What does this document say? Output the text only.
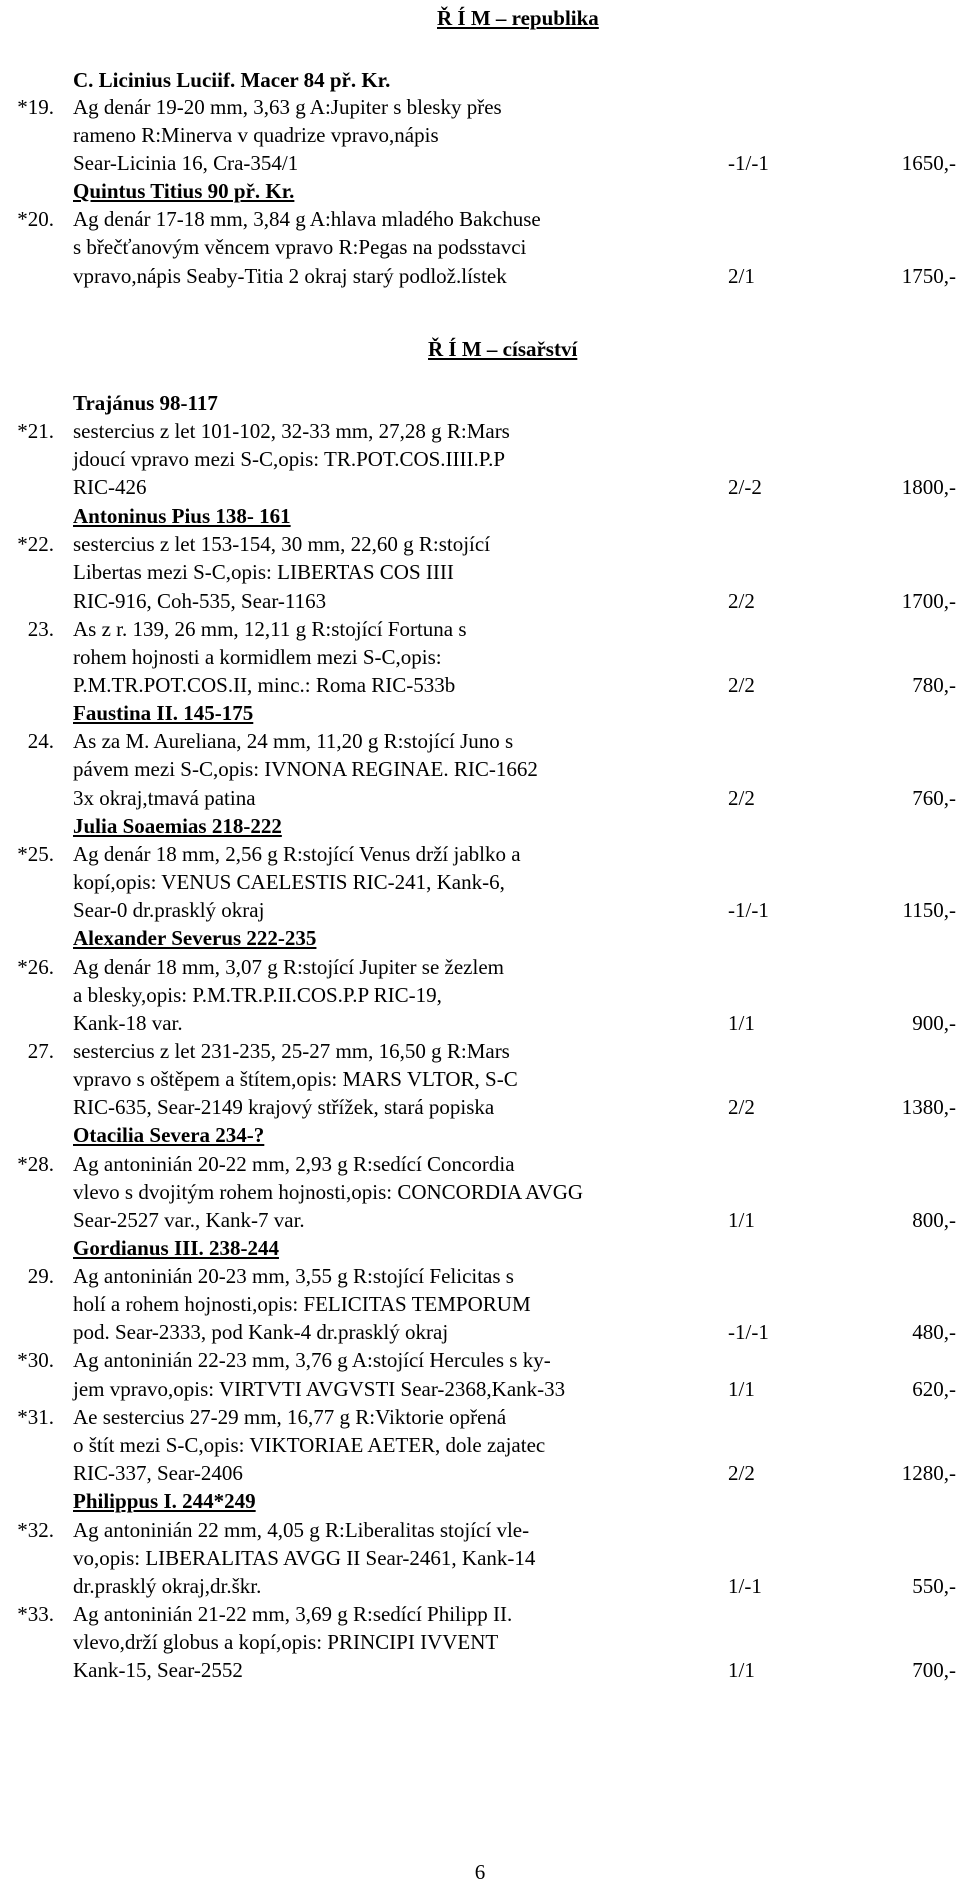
Ř Í M – republika
Ř Í M – císařství
C. Licinius Luciif. Macer 84 př. Kr.
*19. Ag denár 19-20 mm, 3,63 g A:Jupiter s blesky přes
rameno R:Minerva v quadrize vpravo,nápis
Sear-Licinia 16, Cra-354/1	-1/-1	1650,-
Quintus Titius 90 př. Kr.
*20. Ag denár 17-18 mm, 3,84 g A:hlava mladého Bakchuse
s břečťanovým věncem vpravo R:Pegas na podsstavci
vpravo,nápis Seaby-Titia 2 okraj starý podlož.lístek	2/1	1750,-
Trajánus 98-117
*21. sestercius z let 101-102, 32-33 mm, 27,28 g R:Mars
jdoucí vpravo mezi S-C,opis: TR.POT.COS.IIII.P.P
RIC-426	2/-2	1800,-
Antoninus Pius 138- 161
*22. sestercius z let 153-154, 30 mm, 22,60 g R:stojící
Libertas mezi S-C,opis: LIBERTAS COS IIII
RIC-916, Coh-535, Sear-1163	2/2	1700,-
23. As z r. 139, 26 mm, 12,11 g R:stojící Fortuna s
rohem hojnosti a kormidlem mezi S-C,opis:
P.M.TR.POT.COS.II, minc.: Roma RIC-533b	2/2	780,-
Faustina II. 145-175
24. As za M. Aureliana, 24 mm, 11,20 g R:stojící Juno s
pávem mezi S-C,opis: IVNONA REGINAE. RIC-1662
3x okraj,tmavá patina	2/2	760,-
Julia Soaemias 218-222
*25. Ag denár 18 mm, 2,56 g R:stojící Venus drží jablko a
kopí,opis: VENUS CAELESTIS RIC-241, Kank-6,
Sear-0 dr.prasklý okraj	-1/-1	1150,-
Alexander Severus 222-235
*26. Ag denár 18 mm, 3,07 g R:stojící Jupiter se žezlem
a blesky,opis: P.M.TR.P.II.COS.P.P RIC-19,
Kank-18 var.	1/1	900,-
27. sestercius z let 231-235, 25-27 mm, 16,50 g R:Mars
vpravo s oštěpem a štítem,opis: MARS VLTOR, S-C
RIC-635, Sear-2149 krajový střížek, stará popiska	2/2	1380,-
Otacilia Severa 234-?
*28. Ag antoninián 20-22 mm, 2,93 g R:sedící Concordia
vlevo s dvojitým rohem hojnosti,opis: CONCORDIA AVGG
Sear-2527 var., Kank-7 var.	1/1	800,-
Gordianus III. 238-244
29. Ag antoninián 20-23 mm, 3,55 g R:stojící Felicitas s
holí a rohem hojnosti,opis: FELICITAS TEMPORUM
pod. Sear-2333, pod Kank-4 dr.prasklý okraj	-1/-1	480,-
*30. Ag antoninián 22-23 mm, 3,76 g A:stojící Hercules s ky-
jem vpravo,opis: VIRTVTI AVGVSTI Sear-2368,Kank-33	1/1	620,-
*31. Ae sestercius 27-29 mm, 16,77 g R:Viktorie opřená
o štít mezi S-C,opis: VIKTORIAE AETER, dole zajatec
RIC-337, Sear-2406	2/2	1280,-
Philippus I. 244*249
*32. Ag antoninián 22 mm, 4,05 g R:Liberalitas stojící vle-
vo,opis: LIBERALITAS AVGG II Sear-2461, Kank-14
dr.prasklý okraj,dr.škr.	1/-1	550,-
*33. Ag antoninián 21-22 mm, 3,69 g R:sedící Philipp II.
vlevo,drží globus a kopí,opis: PRINCIPI IVVENT
Kank-15, Sear-2552	1/1	700,-
6
